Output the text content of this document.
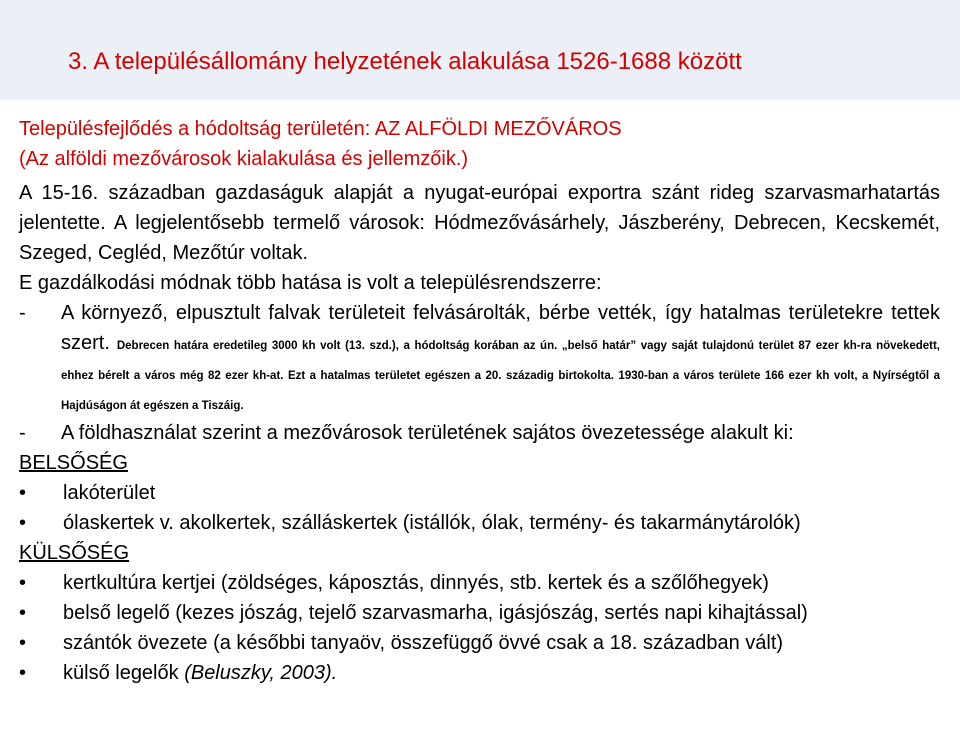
3. A településállomány helyzetének alakulása 1526-1688 között
Településfejlődés a hódoltság területén: AZ ALFÖLDI MEZŐVÁROS
(Az alföldi mezővárosok kialakulása és jellemzőik.)
A 15-16. században gazdaságuk alapját a nyugat-európai exportra szánt rideg szarvasmarhatartás jelentette. A legjelentősebb termelő városok: Hódmezővásárhely, Jászberény, Debrecen, Kecskemét, Szeged, Cegléd, Mezőtúr voltak.
E gazdálkodási módnak több hatása is volt a településrendszerre:
-	A környező, elpusztult falvak területeit felvásárolták, bérbe vették, így hatalmas területekre tettek szert. Debrecen határa eredetileg 3000 kh volt (13. szd.), a hódoltság korában az ún. „belső határ” vagy saját tulajdonú terület 87 ezer kh-ra növekedett, ehhez bérelt a város még 82 ezer kh-at. Ezt a hatalmas területet egészen a 20. századig birtokolta. 1930-ban a város területe 166 ezer kh volt, a Nyírségtől a Hajdúságon át egészen a Tiszáig.
-	A földhasználat szerint a mezővárosok területének sajátos övezetessége alakult ki:
BELSŐSÉG
•	lakóterület
•	ólaskertek v. akolkertek, szálláskertek (istállók, ólak, termény- és takarmánytárolók)
KÜLSŐSÉG
•	kertkultúra kertjei (zöldséges, káposztás, dinnyés, stb. kertek és a szőlőhegyek)
•	belső legelő (kezes jószág, tejelő szarvasmarha, igásjószág, sertés napi kihajtással)
•	szántók övezete (a későbbi tanyaöv, összefüggő övvé csak a 18. században vált)
•	külső legelők (Beluszky, 2003).
